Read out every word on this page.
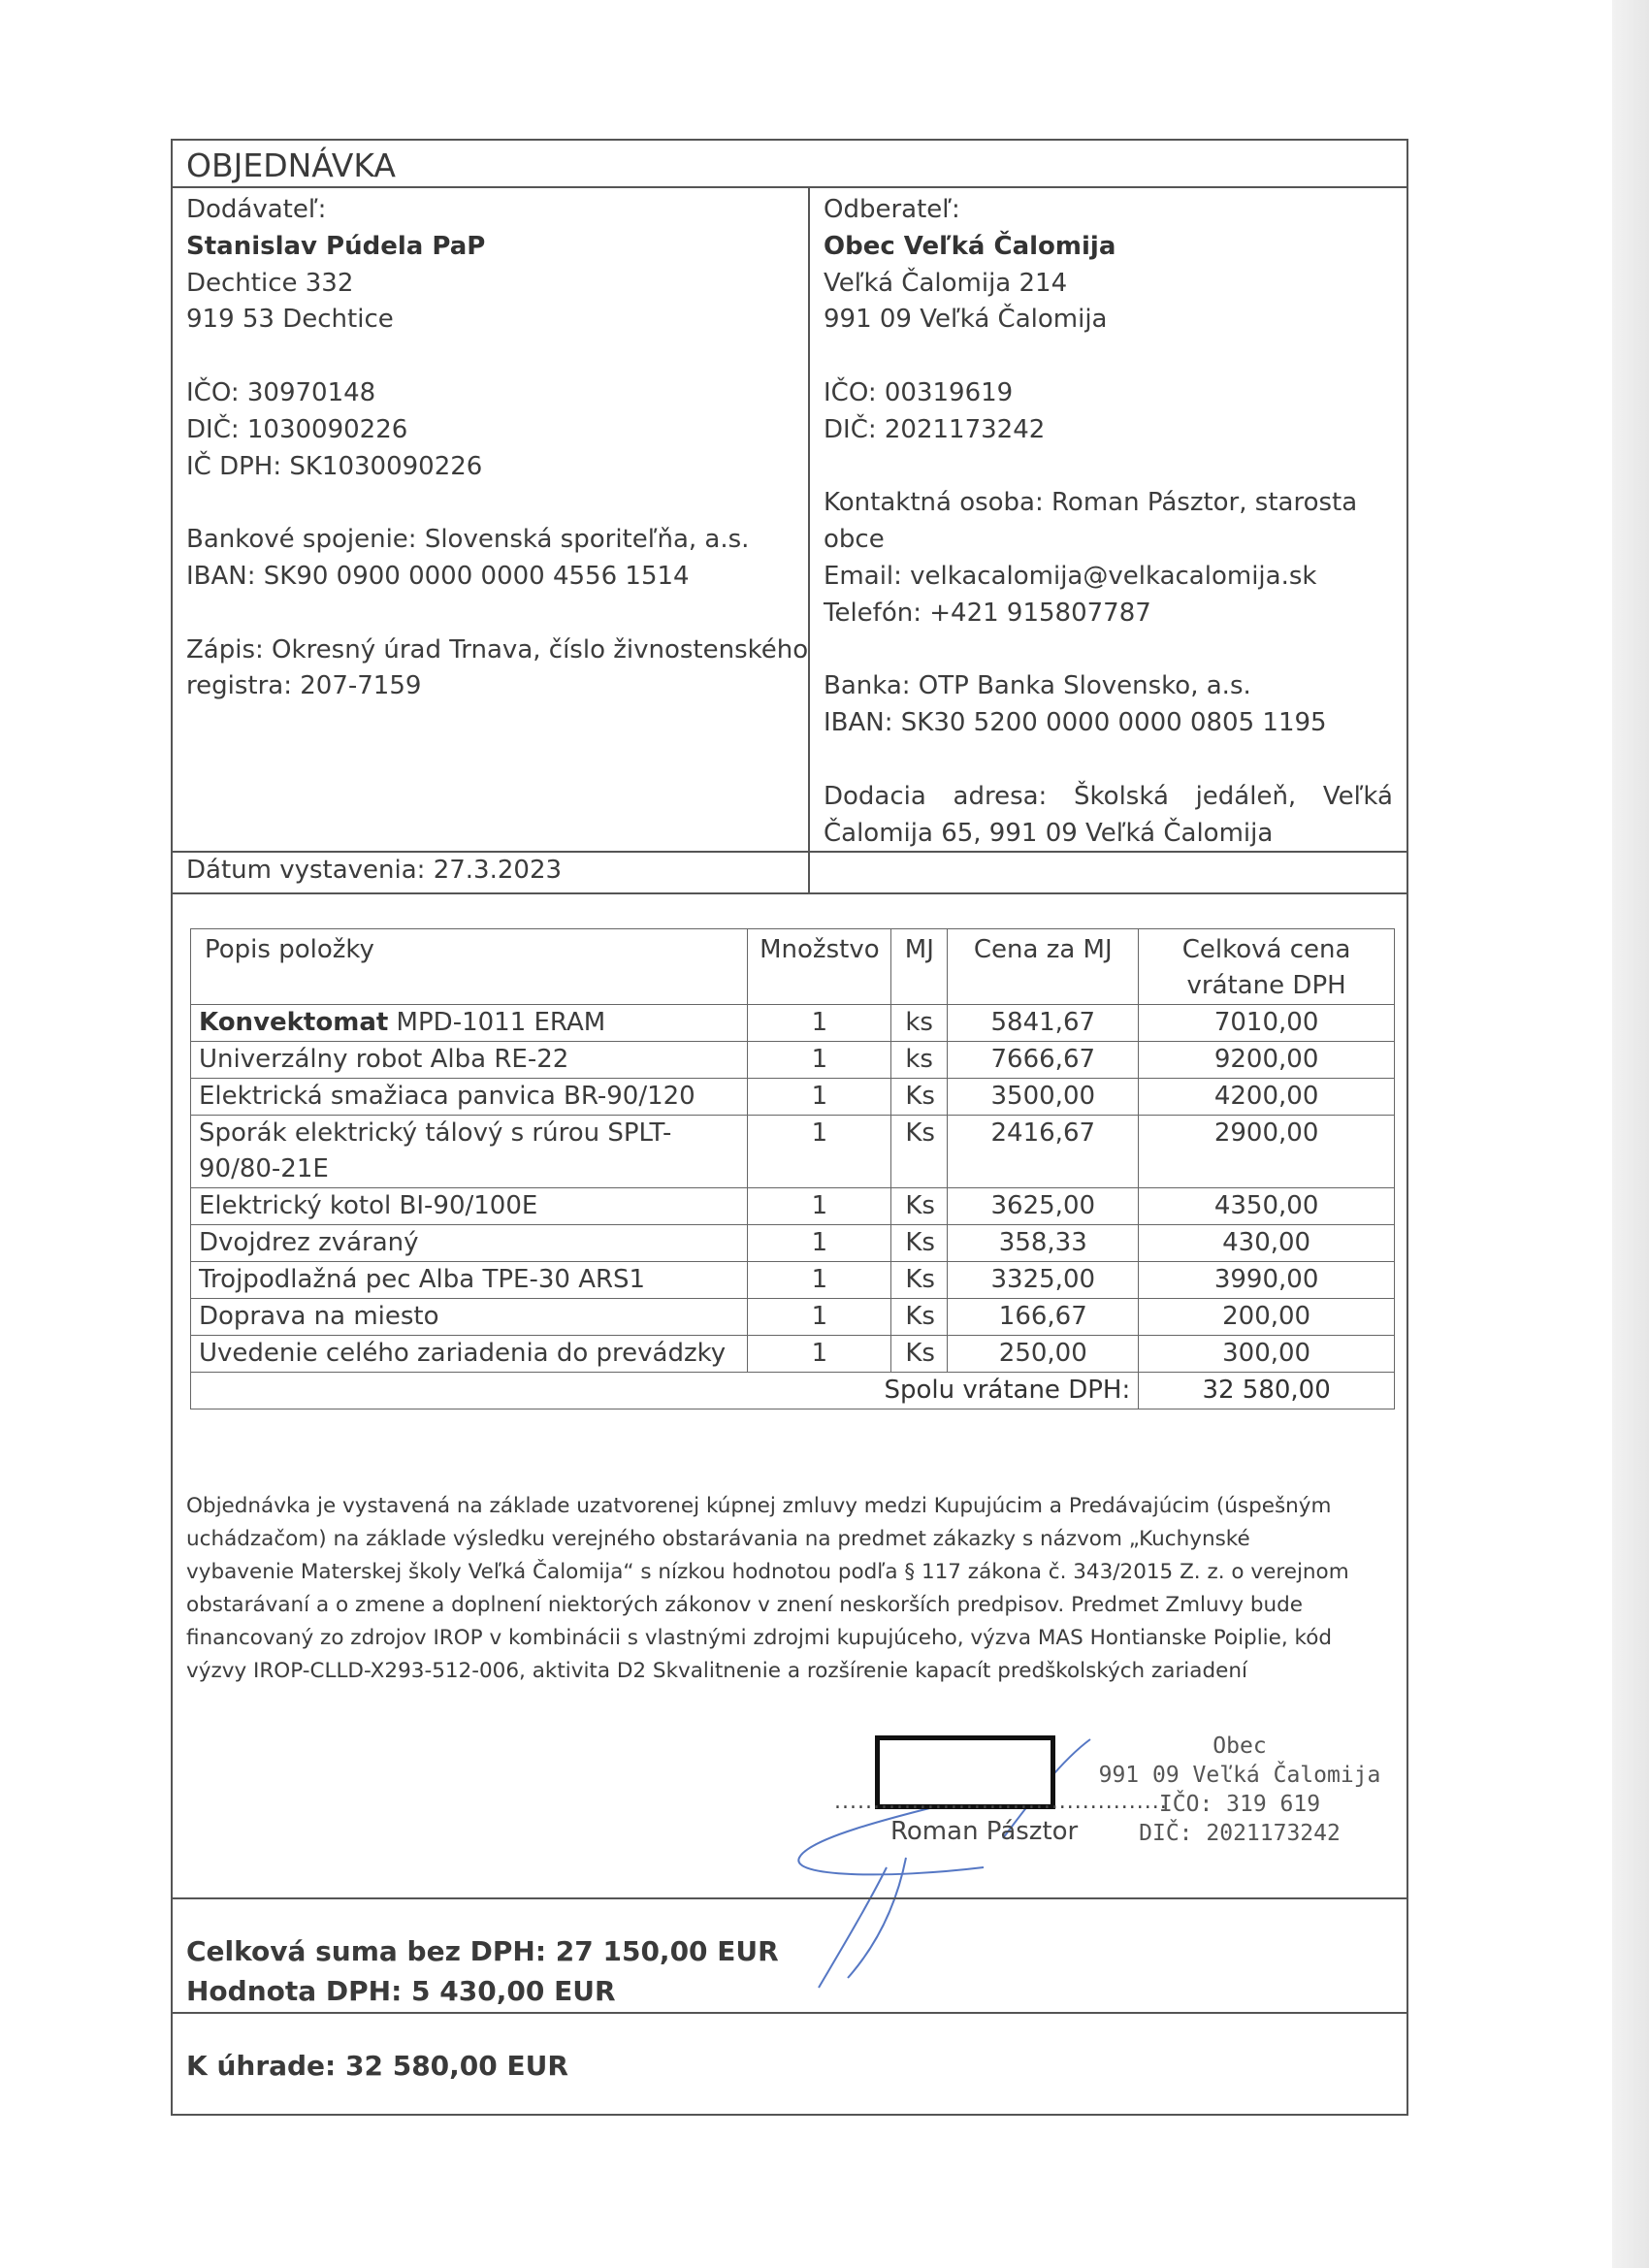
OBJEDNÁVKA
Dodávateľ:
Stanislav Púdela PaP
Dechtice 332
919 53 Dechtice
IČO: 30970148
DIČ: 1030090226
IČ DPH: SK1030090226
Bankové spojenie: Slovenská sporiteľňa, a.s.
IBAN: SK90 0900 0000 0000 4556 1514
Zápis: Okresný úrad Trnava, číslo živnostenského
registra: 207-7159
Odberateľ:
Obec Veľká Čalomija
Veľká Čalomija 214
991 09 Veľká Čalomija
IČO: 00319619
DIČ: 2021173242
Kontaktná osoba: Roman Pásztor, starosta
obce
Email: velkacalomija@velkacalomija.sk
Telefón: +421 915807787
Banka: OTP Banka Slovensko, a.s.
IBAN: SK30 5200 0000 0000 0805 1195
Dodacia adresa: Školská jedáleň, Veľká
Čalomija 65, 991 09 Veľká Čalomija
Dátum vystavenia: 27.3.2023
Popis položky	Množstvo	MJ	Cena za MJ	Celková cena
vrátane DPH

Konvektomat MPD-1011 ERAM	1	ks	5841,67	7010,00
Univerzálny robot Alba RE-22	1	ks	7666,67	9200,00
Elektrická smažiaca panvica BR-90/120	1	Ks	3500,00	4200,00
Sporák elektrický tálový s rúrou SPLT-
90/80-21E	1	Ks	2416,67	2900,00
Elektrický kotol BI-90/100E	1	Ks	3625,00	4350,00
Dvojdrez zváraný	1	Ks	358,33	430,00
Trojpodlažná pec Alba TPE-30 ARS1	1	Ks	3325,00	3990,00
Doprava na miesto	1	Ks	166,67	200,00
Uvedenie celého zariadenia do prevádzky	1	Ks	250,00	300,00
Spolu vrátane DPH:				32 580,00
Objednávka je vystavená na základe uzatvorenej kúpnej zmluvy medzi Kupujúcim a Predávajúcim (úspešným
uchádzačom) na základe výsledku verejného obstarávania na predmet zákazky s názvom „Kuchynské
vybavenie Materskej školy Veľká Čalomija“ s nízkou hodnotou podľa § 117 zákona č. 343/2015 Z. z. o verejnom
obstarávaní a o zmene a doplnení niektorých zákonov v znení neskorších predpisov. Predmet Zmluvy bude
financovaný zo zdrojov IROP v kombinácii s vlastnými zdrojmi kupujúceho, výzva MAS Hontianske Poiplie, kód
výzvy IROP-CLLD-X293-512-006, aktivita D2 Skvalitnenie a rozšírenie kapacít predškolských zariadení
...........................................
Roman Pásztor
Obec
991 09 Veľká Čalomija
IČO: 319 619
DIČ: 2021173242
Celková suma bez DPH: 27 150,00 EUR
Hodnota DPH: 5 430,00 EUR
K úhrade: 32 580,00 EUR
